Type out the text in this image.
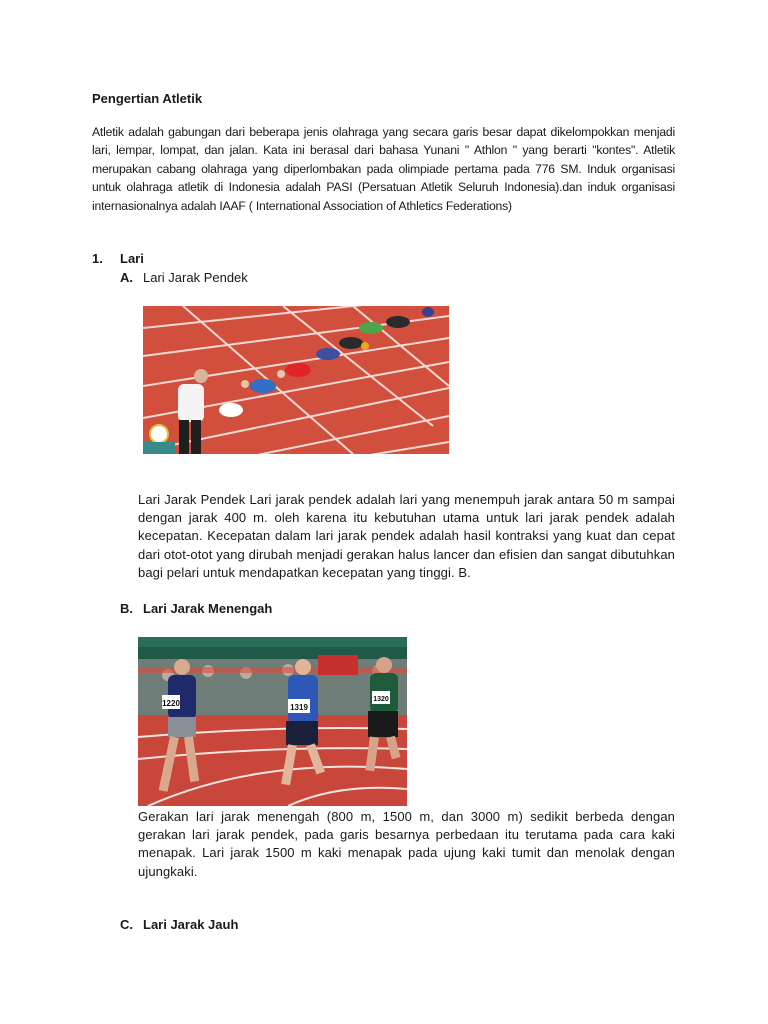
Pengertian Atletik
Atletik adalah gabungan dari beberapa jenis olahraga yang secara garis besar dapat dikelompokkan menjadi lari, lempar, lompat, dan jalan. Kata ini berasal dari bahasa Yunani " Athlon " yang berarti "kontes". Atletik merupakan cabang olahraga yang diperlombakan pada olimpiade pertama pada 776 SM. Induk organisasi untuk olahraga atletik di Indonesia adalah PASI (Persatuan Atletik Seluruh Indonesia).dan induk organisasi internasionalnya adalah IAAF ( International Association of Athletics Federations)
1. Lari
A. Lari Jarak Pendek
Lari Jarak Pendek Lari jarak pendek adalah lari yang menempuh jarak antara 50 m sampai dengan jarak 400 m. oleh karena itu kebutuhan utama untuk lari jarak pendek adalah kecepatan. Kecepatan dalam lari jarak pendek adalah hasil kontraksi yang kuat dan cepat dari otot-otot yang dirubah menjadi gerakan halus lancer dan efisien dan sangat dibutuhkan bagi pelari untuk mendapatkan kecepatan yang tinggi. B.
B. Lari Jarak Menengah
1220	1319
1320
Gerakan lari jarak menengah (800 m, 1500 m, dan 3000 m) sedikit berbeda dengan gerakan lari jarak pendek, pada garis besarnya perbedaan itu terutama pada cara kaki menapak. Lari jarak 1500 m kaki menapak pada ujung kaki tumit dan menolak dengan ujungkaki.
C. Lari Jarak Jauh
